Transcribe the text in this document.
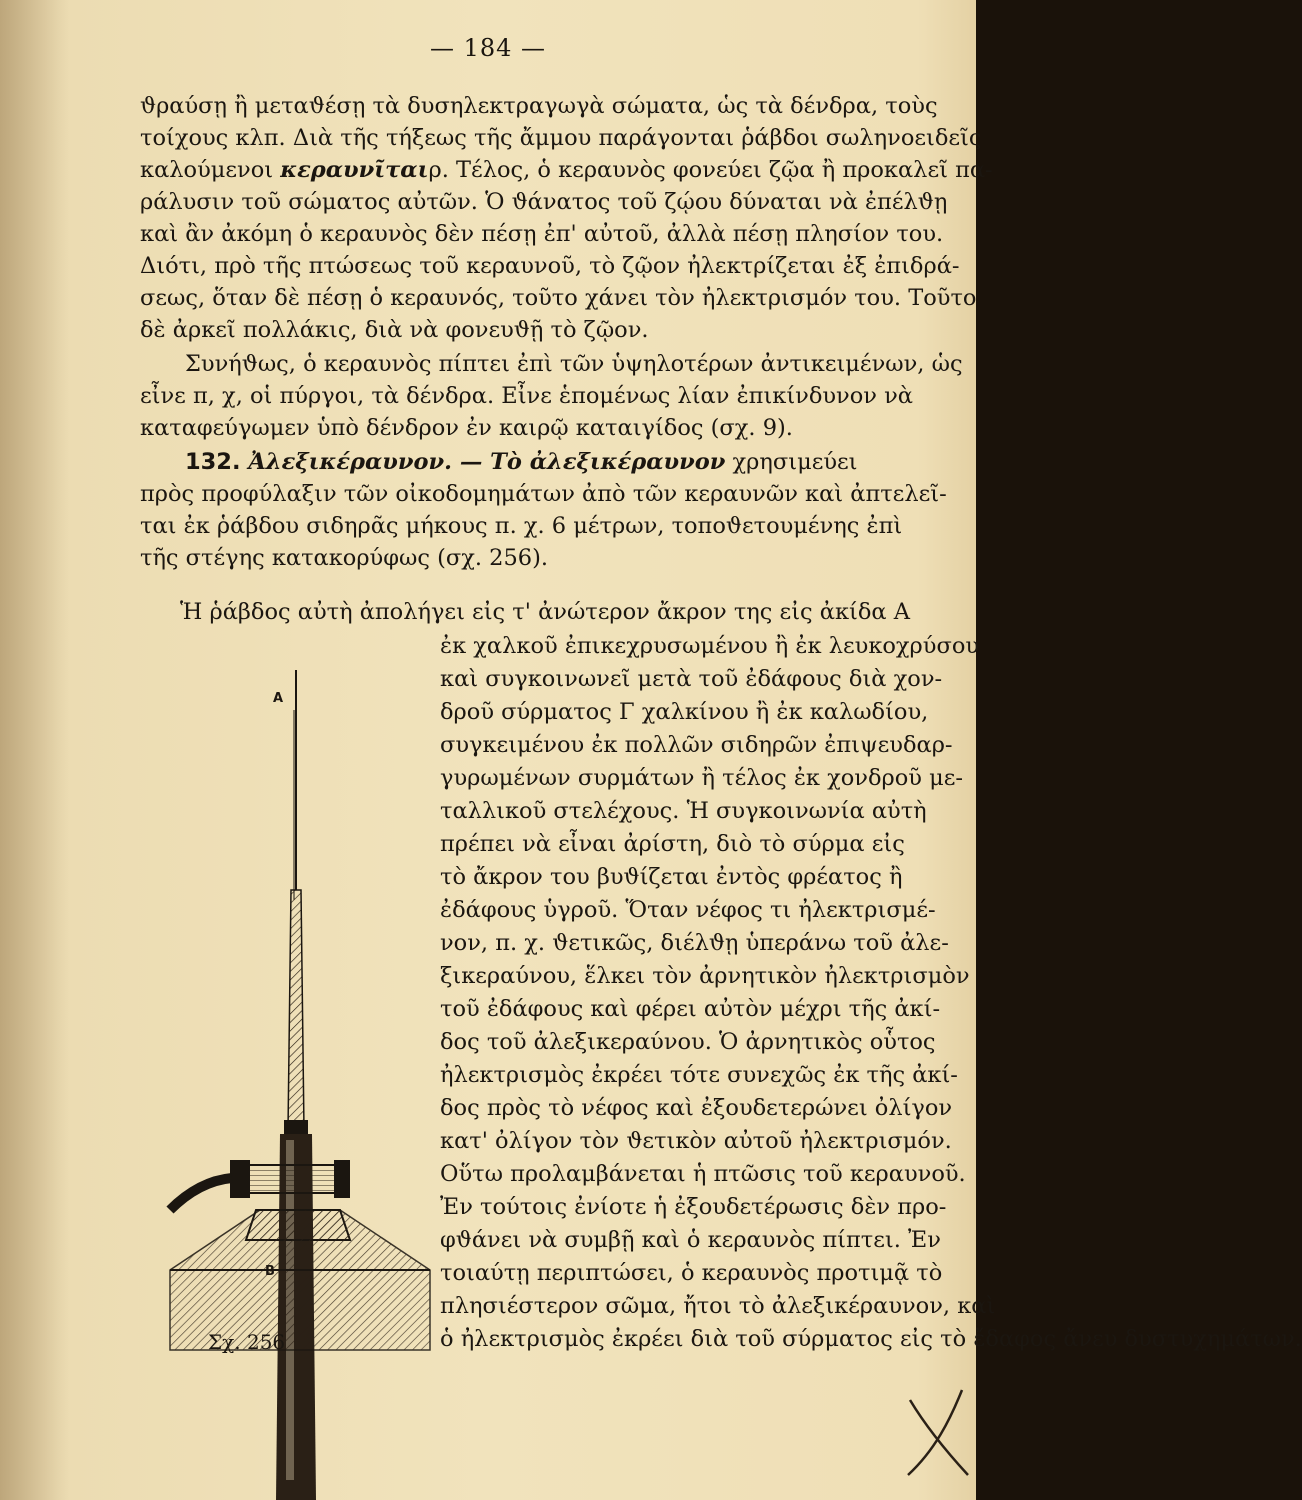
— 184 —
ϑραύσῃ ἢ μεταϑέσῃ τὰ δυσηλεκτραγωγὰ σώματα, ὡς τὰ δένδρα, τοὺς
τοίχους κλπ. Διὰ τῆς τήξεως τῆς ἄμμου παράγονται ῥάβδοι σωληνοειδεῖς
καλούμενοι κεραυνῖταιρ. Τέλος, ὁ κεραυνὸς φονεύει ζῷα ἢ προκαλεῖ πα-
ράλυσιν τοῦ σώματος αὐτῶν. Ὁ ϑάνατος τοῦ ζῴου δύναται νὰ ἐπέλϑῃ
καὶ ἂν ἀκόμη ὁ κεραυνὸς δὲν πέσῃ ἐπ' αὐτοῦ, ἀλλὰ πέσῃ πλησίον του.
Διότι, πρὸ τῆς πτώσεως τοῦ κεραυνοῦ, τὸ ζῷον ἠλεκτρίζεται ἐξ ἐπιδρά-
σεως, ὅταν δὲ πέσῃ ὁ κεραυνός, τοῦτο χάνει τὸν ἠλεκτρισμόν του. Τοῦτο
δὲ ἀρκεῖ πολλάκις, διὰ νὰ φονευϑῇ τὸ ζῷον.
Συνήϑως, ὁ κεραυνὸς πίπτει ἐπὶ τῶν ὑψηλοτέρων ἀντικειμένων, ὡς
εἶνε π, χ, οἱ πύργοι, τὰ δένδρα. Εἶνε ἑπομένως λίαν ἐπικίνδυνον νὰ
καταφεύγωμεν ὑπὸ δένδρον ἐν καιρῷ καταιγίδος (σχ. 9).
132. Ἀλεξικέραυνον. — Τὸ ἀλεξικέραυνον χρησιμεύει
πρὸς προφύλαξιν τῶν οἰκοδομημάτων ἀπὸ τῶν κεραυνῶν καὶ ἀπτελεῖ-
ται ἐκ ῥάβδου σιδηρᾶς μήκους π. χ. 6 μέτρων, τοποϑετουμένης ἐπὶ
τῆς στέγης κατακορύφως (σχ. 256).
Ἡ ῥάβδος αὐτὴ ἀπολήγει εἰς τ' ἀνώτερον ἄκρον της εἰς ἀκίδα Α
ἐκ χαλκοῦ ἐπικεχρυσωμένου ἢ ἐκ λευκοχρύσου
καὶ συγκοινωνεῖ μετὰ τοῦ ἐδάφους διὰ χον-
δροῦ σύρματος Γ χαλκίνου ἢ ἐκ καλωδίου,
συγκειμένου ἐκ πολλῶν σιδηρῶν ἐπιψευδαρ-
γυρωμένων συρμάτων ἢ τέλος ἐκ χονδροῦ με-
ταλλικοῦ στελέχους. Ἡ συγκοινωνία αὐτὴ
πρέπει νὰ εἶναι ἀρίστη, διὸ τὸ σύρμα εἰς
τὸ ἄκρον του βυϑίζεται ἐντὸς φρέατος ἢ
ἐδάφους ὑγροῦ. Ὅταν νέφος τι ἠλεκτρισμέ-
νον, π. χ. ϑετικῶς, διέλϑῃ ὑπεράνω τοῦ ἀλε-
ξικεραύνου, ἕλκει τὸν ἀρνητικὸν ἠλεκτρισμὸν
τοῦ ἐδάφους καὶ φέρει αὐτὸν μέχρι τῆς ἀκί-
δος τοῦ ἀλεξικεραύνου. Ὁ ἀρνητικὸς οὗτος
ἠλεκτρισμὸς ἐκρέει τότε συνεχῶς ἐκ τῆς ἀκί-
δος πρὸς τὸ νέφος καὶ ἐξουδετερώνει ὀλίγον
κατ' ὀλίγον τὸν ϑετικὸν αὐτοῦ ἠλεκτρισμόν.
Οὕτω προλαμβάνεται ἡ πτῶσις τοῦ κεραυνοῦ.
Ἐν τούτοις ἐνίοτε ἡ ἐξουδετέρωσις δὲν προ-
φϑάνει νὰ συμβῇ καὶ ὁ κεραυνὸς πίπτει. Ἐν
τοιαύτῃ περιπτώσει, ὁ κεραυνὸς προτιμᾷ τὸ
πλησιέστερον σῶμα, ἤτοι τὸ ἀλεξικέραυνον, καὶ
ὁ ἠλεκτρισμὸς ἐκρέει διὰ τοῦ σύρματος εἰς τὸ ἔδαφος ἄνευ δυστυχημάτων.
A
Σχ. 256
